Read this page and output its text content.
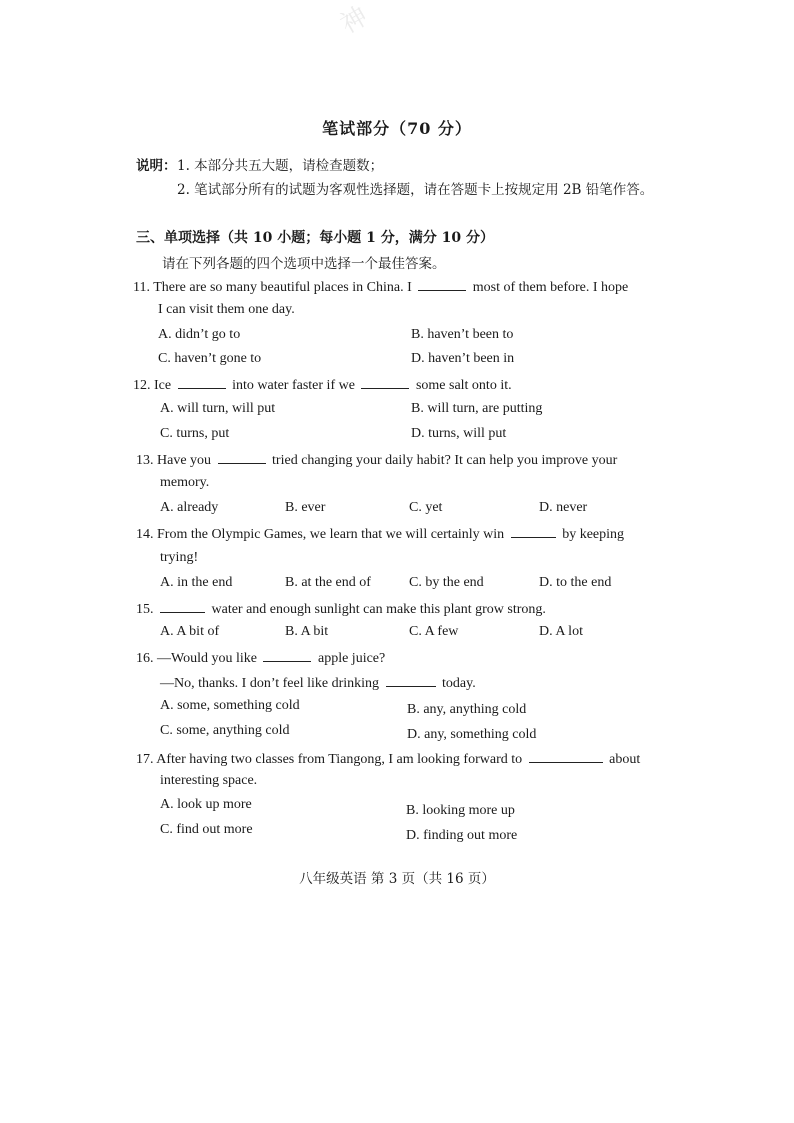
神
笔试部分（70 分）
说明： 1. 本部分共五大题，请检查题数；
2. 笔试部分所有的试题为客观性选择题，请在答题卡上按规定用 2B 铅笔作答。
三、单项选择（共 10 小题；每小题 1 分，满分 10 分）
请在下列各题的四个选项中选择一个最佳答案。
11. There are so many beautiful places in China. I	most of them before. I hope
I can visit them one day.
A. didn’t go to	B. haven’t been to
C. haven’t gone to	D. haven’t been in
12. Ice	into water faster if we	some salt onto it.
A. will turn, will put	B. will turn, are putting
C. turns, put	D. turns, will put
13. Have you	tried changing your daily habit? It can help you improve your
memory.
A. already	B. ever	C. yet	D. never
14. From the Olympic Games, we learn that we will certainly win	by keeping
trying!
A. in the end	B. at the end of	C. by the end	D. to the end
15.	water and enough sunlight can make this plant grow strong.
A. A bit of	B. A bit	C. A few	D. A lot
16. —Would you like	apple juice?
—No, thanks. I don’t feel like drinking	today.
A. some, something cold	B. any, anything cold
C. some, anything cold	D. any, something cold
17. After having two classes from Tiangong, I am looking forward to	about
interesting space.
A. look up more	B. looking more up
C. find out more	D. finding out more
八年级英语 第 3 页（共 16 页）
